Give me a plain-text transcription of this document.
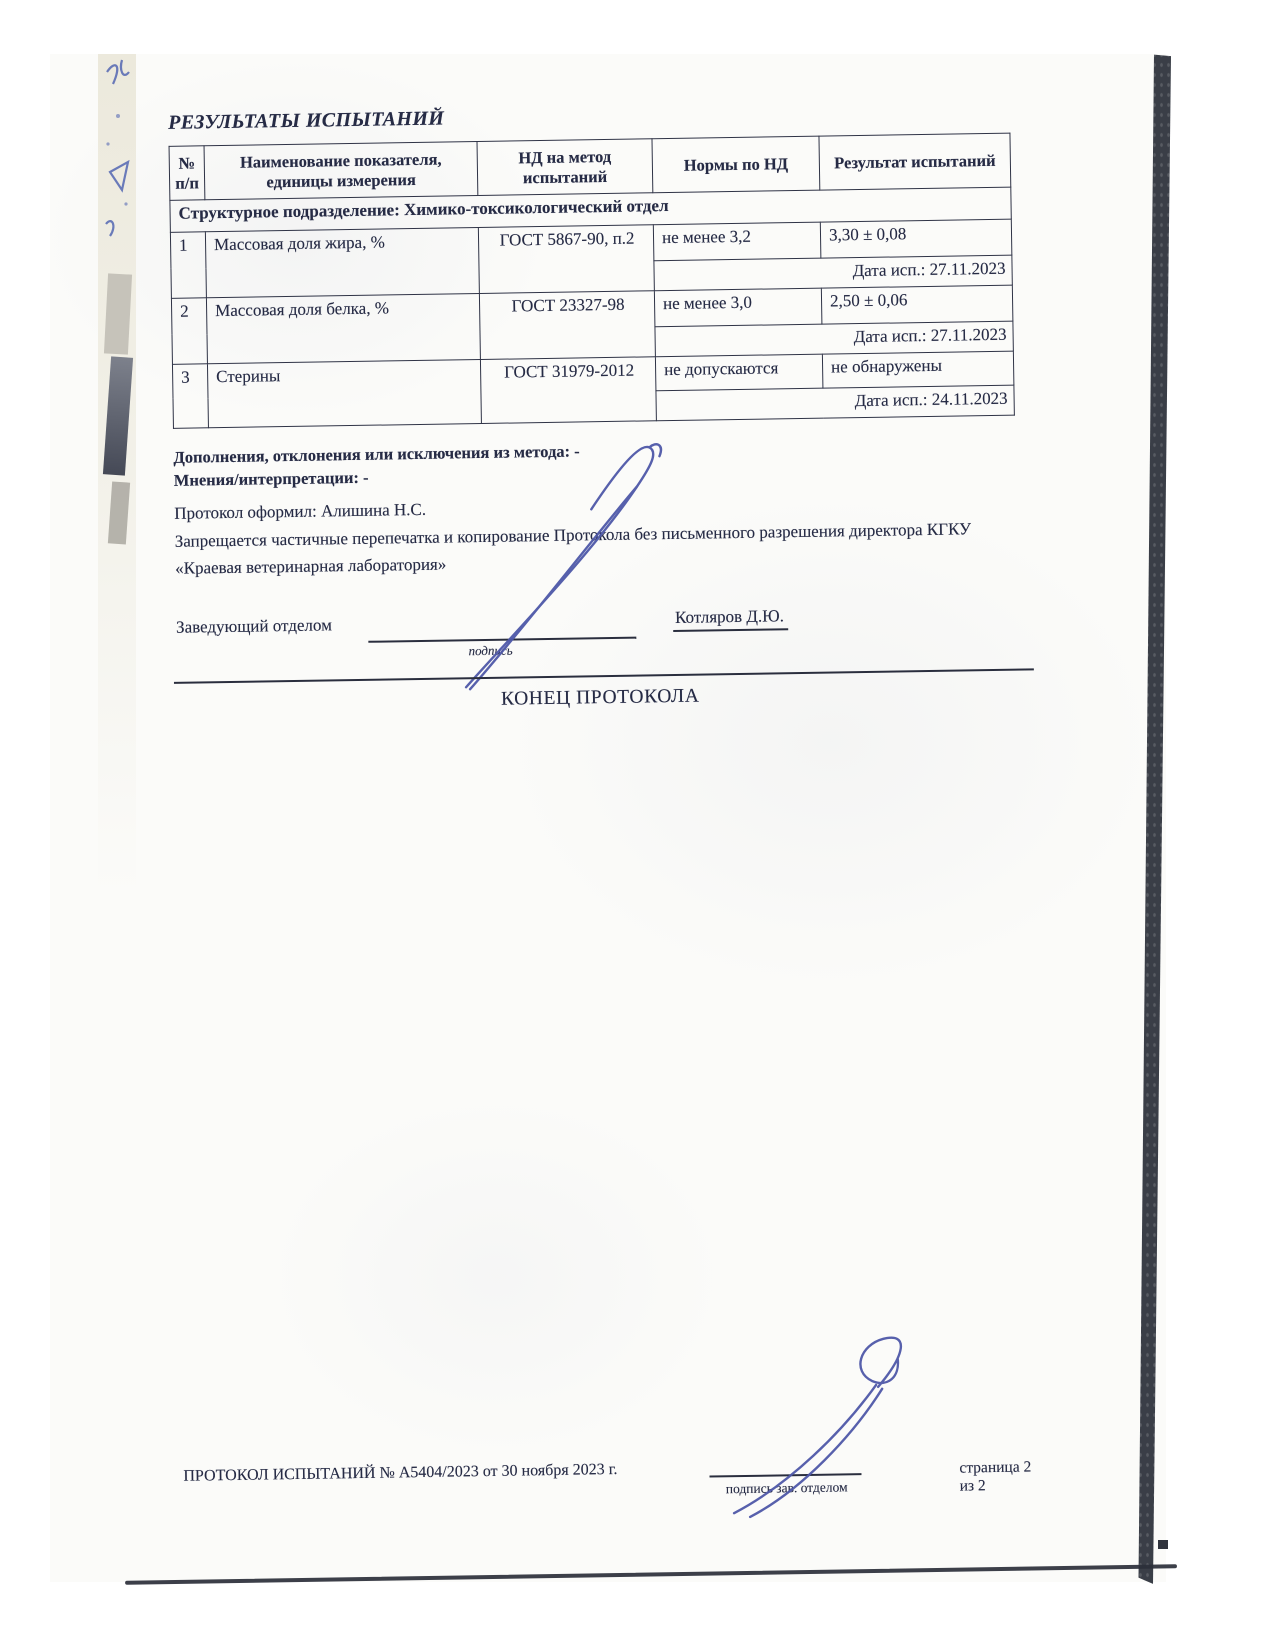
РЕЗУЛЬТАТЫ ИСПЫТАНИЙ
№ п/п	Наименование показателя, единицы измерения	НД на метод испытаний	Нормы по НД	Результат испытаний
Структурное подразделение: Химико-токсикологический отдел				
1	Массовая доля жира, %	ГОСТ 5867-90, п.2	не менее 3,2	3,30 ± 0,08
			Дата исп.: 27.11.2023	
2	Массовая доля белка, %	ГОСТ 23327-98	не менее 3,0	2,50 ± 0,06
			Дата исп.: 27.11.2023	
3	Стерины	ГОСТ 31979-2012	не допускаются	не обнаружены
			Дата исп.: 24.11.2023	
Дополнения, отклонения или исключения из метода: -
Мнения/интерпретации: -
Протокол оформил: Алишина Н.С.
Запрещается частичные перепечатка и копирование Протокола без письменного разрешения директора КГКУ «Краевая ветеринарная лаборатория»
Заведующий отделом
подпись
Котляров Д.Ю.
КОНЕЦ ПРОТОКОЛА
ПРОТОКОЛ ИСПЫТАНИЙ № А5404/2023 от 30 ноября 2023 г.
подпись зав. отделом
страница 2 из 2
